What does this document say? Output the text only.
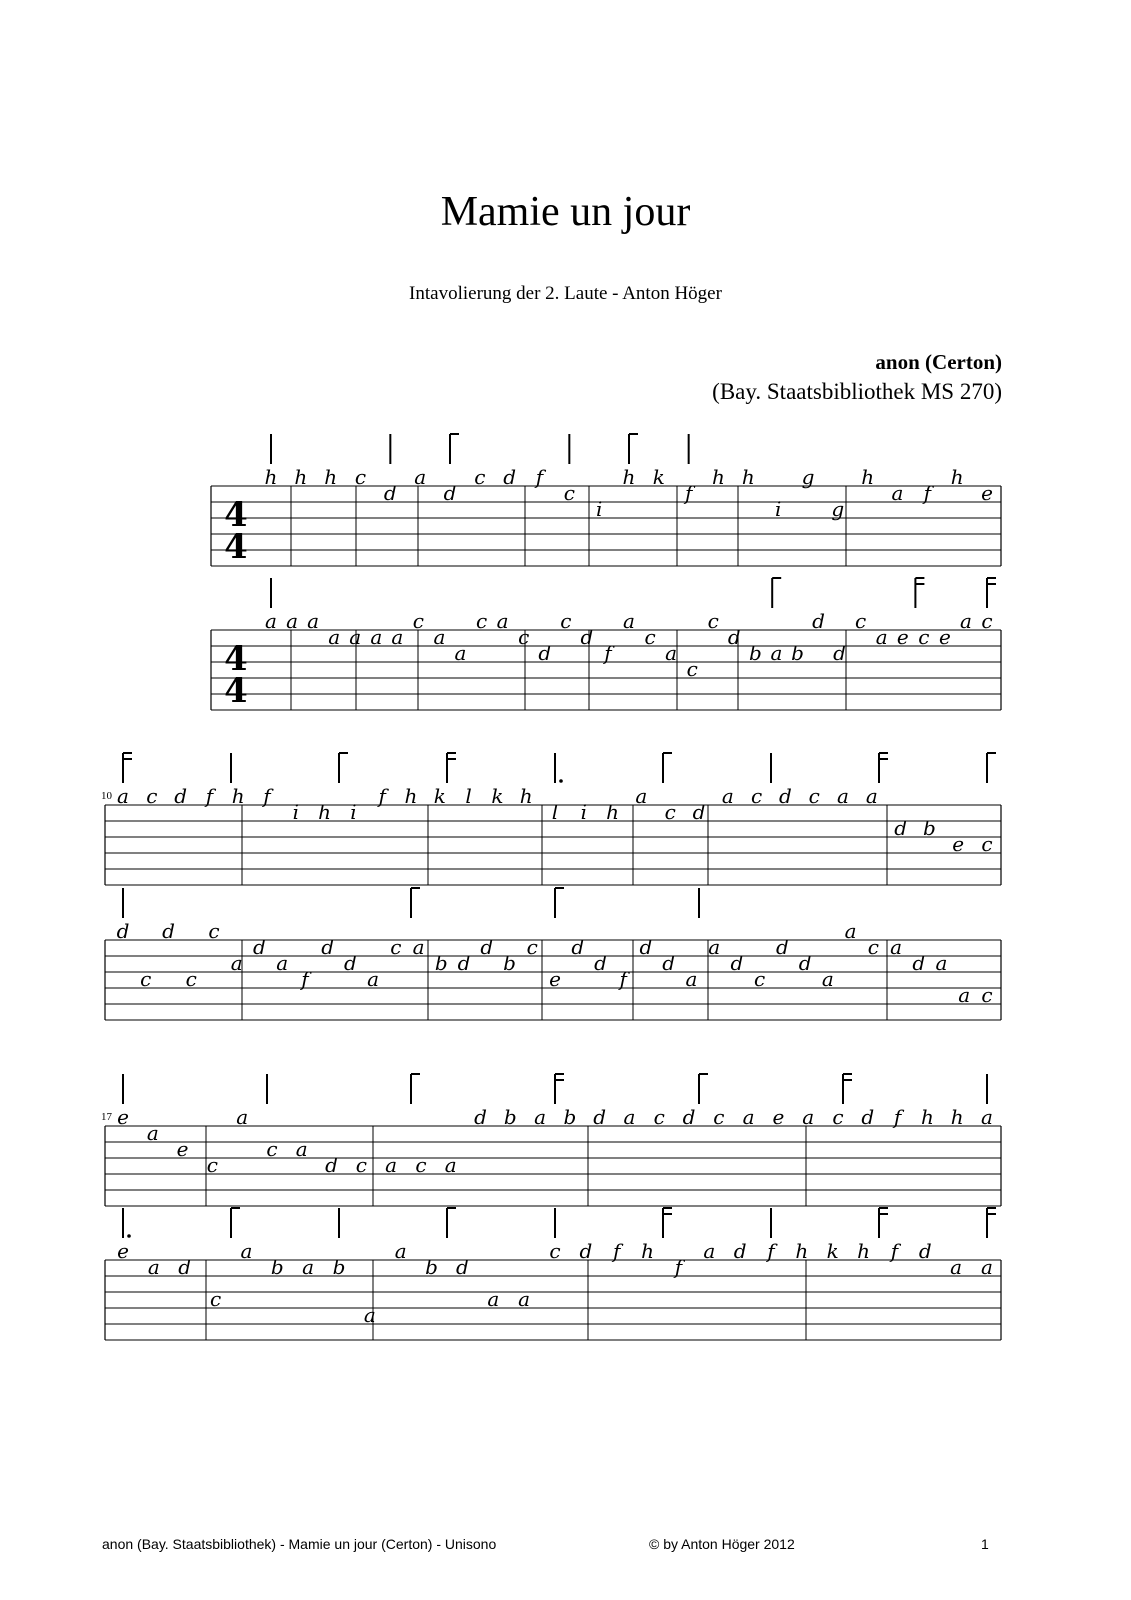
Mamie un jour
Intavolierung der 2. Laute - Anton Höger
anon (Certon)
(Bay. Staatsbibliothek MS 270)
4
4
h h h c
d
a
d
c d f
c
i
h k
f
h h
i
g
g
h
a f
h
e
4
4
a a a
a a a a
c
a
a
c a
c
d
c
d
f
a
c
a
c
c
d
b a b
d
d
c
a e c e
a c
10 a c d f h f
i h i
f h k l k h
l i h
a
c d
a c d c a a
d b
e c
d
c
d
c
c
a
d
a
f
d
d
a
c a
b d
d
b
c
e
d
d
f
d
d
a
a
d
c
d
d
a
a
c a
d a
a c
17 e
a
e
c
a
c a
d c a c a
d b a b d a c d c a e a c d f h h a
e
a d
c
a
b a b
a
a
b d
a a
c d f h
f
a d f h k h f d
a a
anon (Bay. Staatsbibliothek) - Mamie un jour (Certon) - Unisono	© by Anton Höger 2012	1
